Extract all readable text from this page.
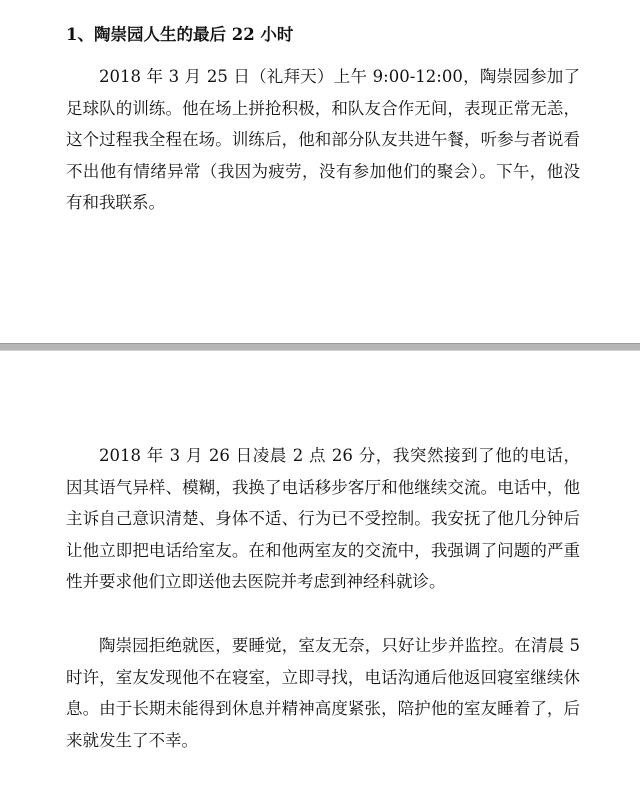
1、陶崇园人生的最后 22 小时

2018 年 3 月 25 日（礼拜天）上午 9:00-12:00，陶崇园参加了足球队的训练。他在场上拼抢积极，和队友合作无间，表现正常无恙，这个过程我全程在场。训练后，他和部分队友共进午餐，听参与者说看不出他有情绪异常（我因为疲劳，没有参加他们的聚会）。下午，他没有和我联系。

2018 年 3 月 26 日凌晨 2 点 26 分，我突然接到了他的电话，因其语气异样、模糊，我换了电话移步客厅和他继续交流。电话中，他主诉自己意识清楚、身体不适、行为已不受控制。我安抚了他几分钟后让他立即把电话给室友。在和他两室友的交流中，我强调了问题的严重性并要求他们立即送他去医院并考虑到神经科就诊。

陶崇园拒绝就医，要睡觉，室友无奈，只好让步并监控。在清晨 5 时许，室友发现他不在寝室，立即寻找，电话沟通后他返回寝室继续休息。由于长期未能得到休息并精神高度紧张，陪护他的室友睡着了，后来就发生了不幸。
